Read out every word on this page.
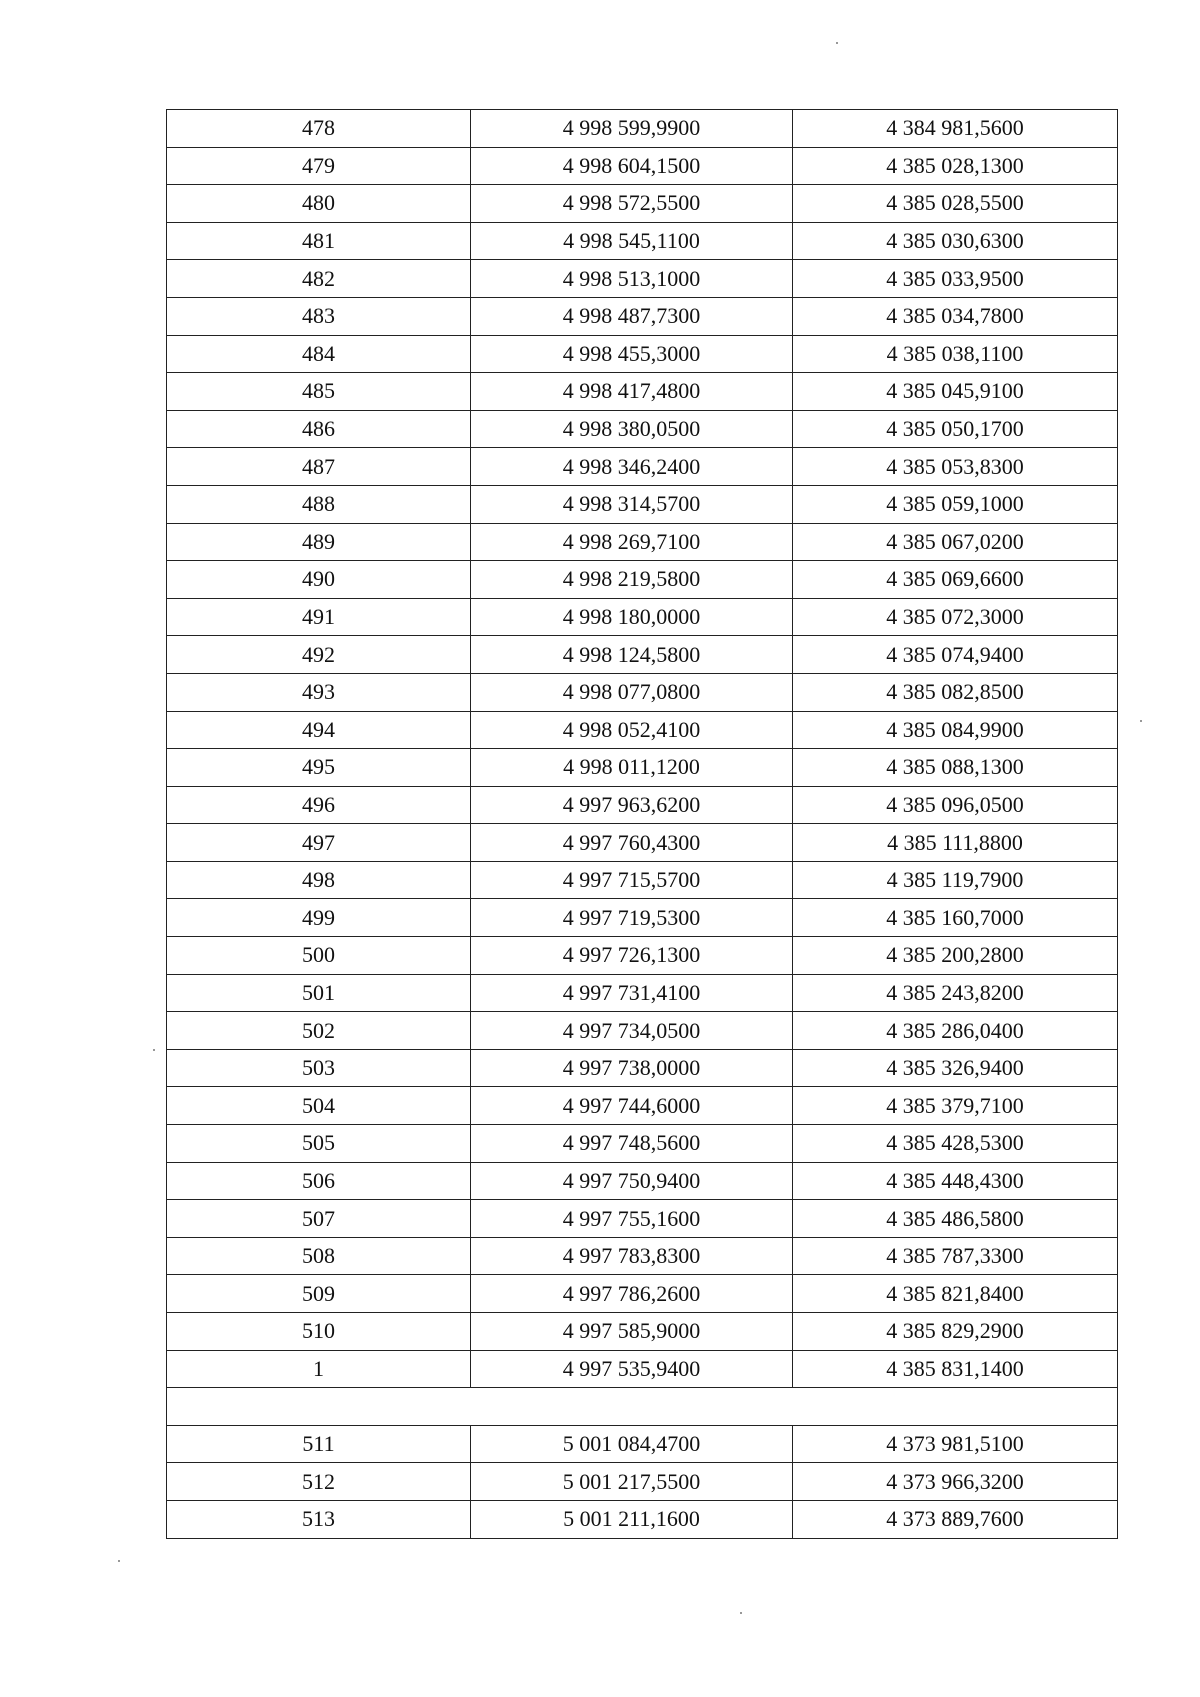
478	4 998 599,9900	4 384 981,5600
479	4 998 604,1500	4 385 028,1300
480	4 998 572,5500	4 385 028,5500
481	4 998 545,1100	4 385 030,6300
482	4 998 513,1000	4 385 033,9500
483	4 998 487,7300	4 385 034,7800
484	4 998 455,3000	4 385 038,1100
485	4 998 417,4800	4 385 045,9100
486	4 998 380,0500	4 385 050,1700
487	4 998 346,2400	4 385 053,8300
488	4 998 314,5700	4 385 059,1000
489	4 998 269,7100	4 385 067,0200
490	4 998 219,5800	4 385 069,6600
491	4 998 180,0000	4 385 072,3000
492	4 998 124,5800	4 385 074,9400
493	4 998 077,0800	4 385 082,8500
494	4 998 052,4100	4 385 084,9900
495	4 998 011,1200	4 385 088,1300
496	4 997 963,6200	4 385 096,0500
497	4 997 760,4300	4 385 111,8800
498	4 997 715,5700	4 385 119,7900
499	4 997 719,5300	4 385 160,7000
500	4 997 726,1300	4 385 200,2800
501	4 997 731,4100	4 385 243,8200
502	4 997 734,0500	4 385 286,0400
503	4 997 738,0000	4 385 326,9400
504	4 997 744,6000	4 385 379,7100
505	4 997 748,5600	4 385 428,5300
506	4 997 750,9400	4 385 448,4300
507	4 997 755,1600	4 385 486,5800
508	4 997 783,8300	4 385 787,3300
509	4 997 786,2600	4 385 821,8400
510	4 997 585,9000	4 385 829,2900
1	4 997 535,9400	4 385 831,1400

511	5 001 084,4700	4 373 981,5100
512	5 001 217,5500	4 373 966,3200
513	5 001 211,1600	4 373 889,7600
